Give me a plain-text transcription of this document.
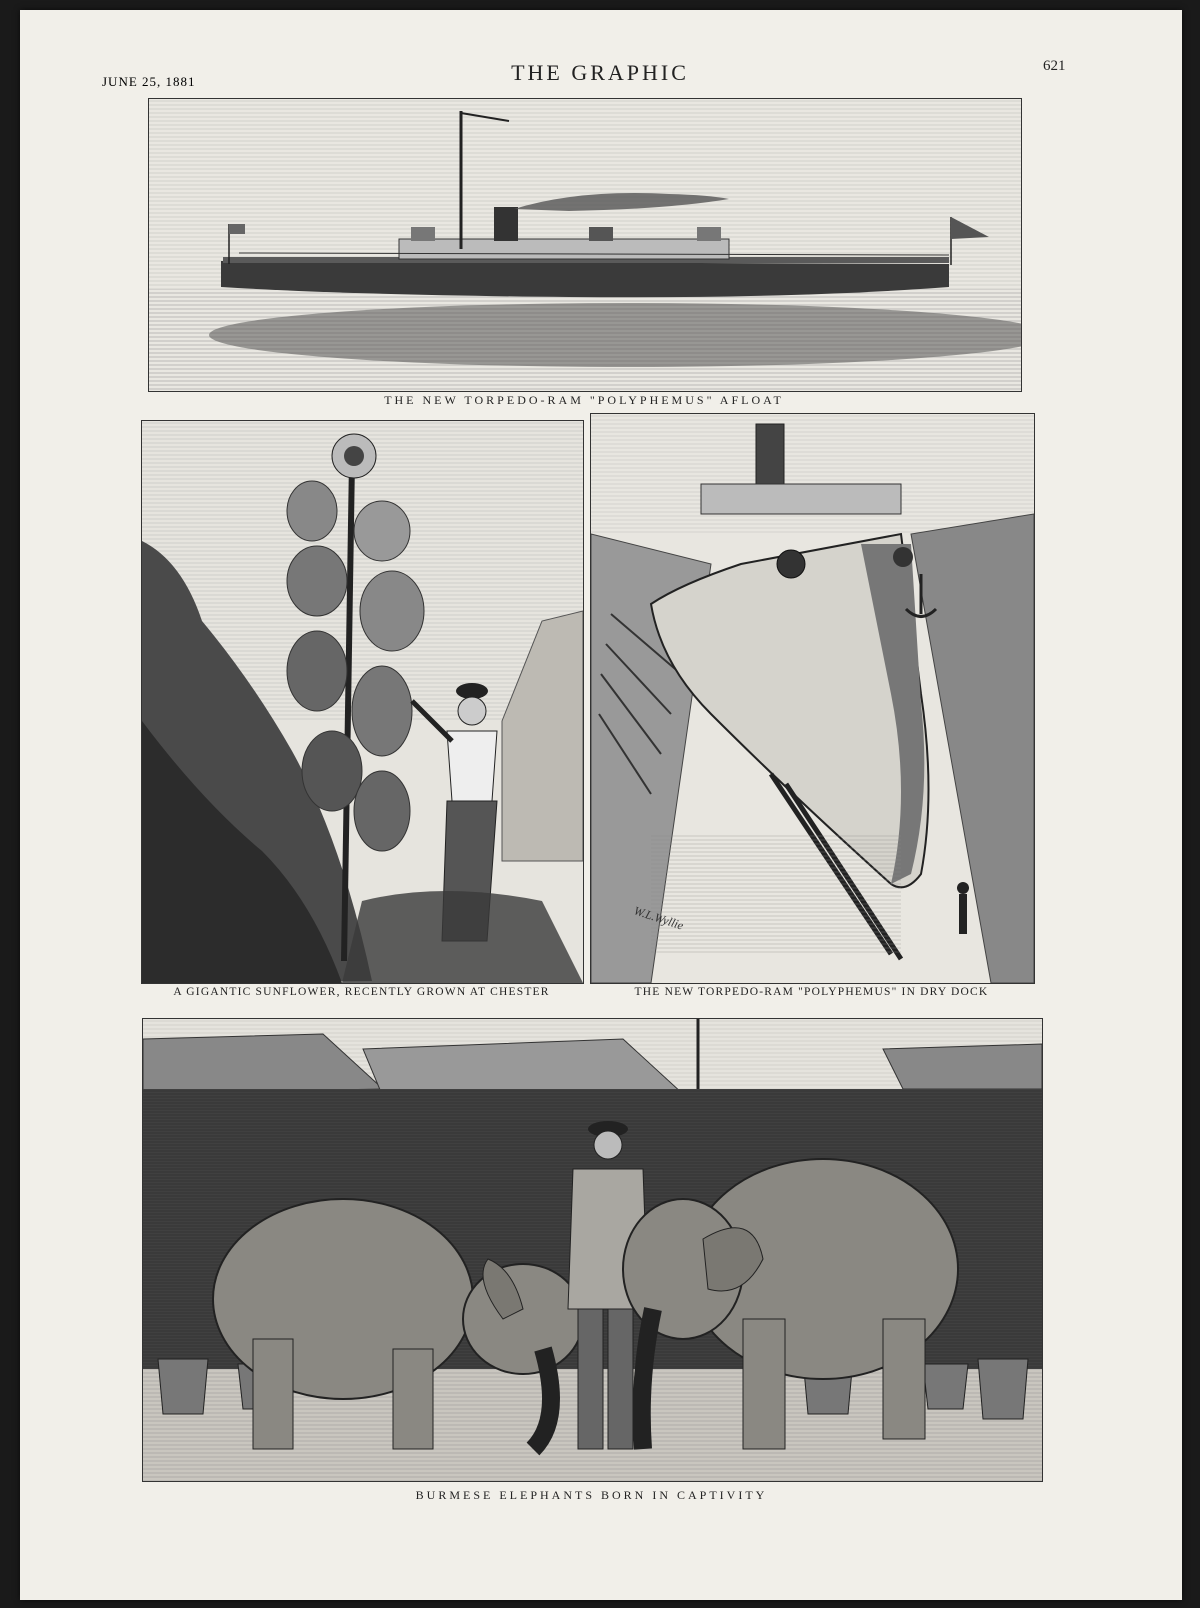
JUNE 25, 1881	THE GRAPHIC	621
THE NEW TORPEDO-RAM "POLYPHEMUS" AFLOAT
A GIGANTIC SUNFLOWER, RECENTLY GROWN AT CHESTER
W.L.Wyllie
THE NEW TORPEDO-RAM "POLYPHEMUS" IN DRY DOCK
BURMESE ELEPHANTS BORN IN CAPTIVITY
